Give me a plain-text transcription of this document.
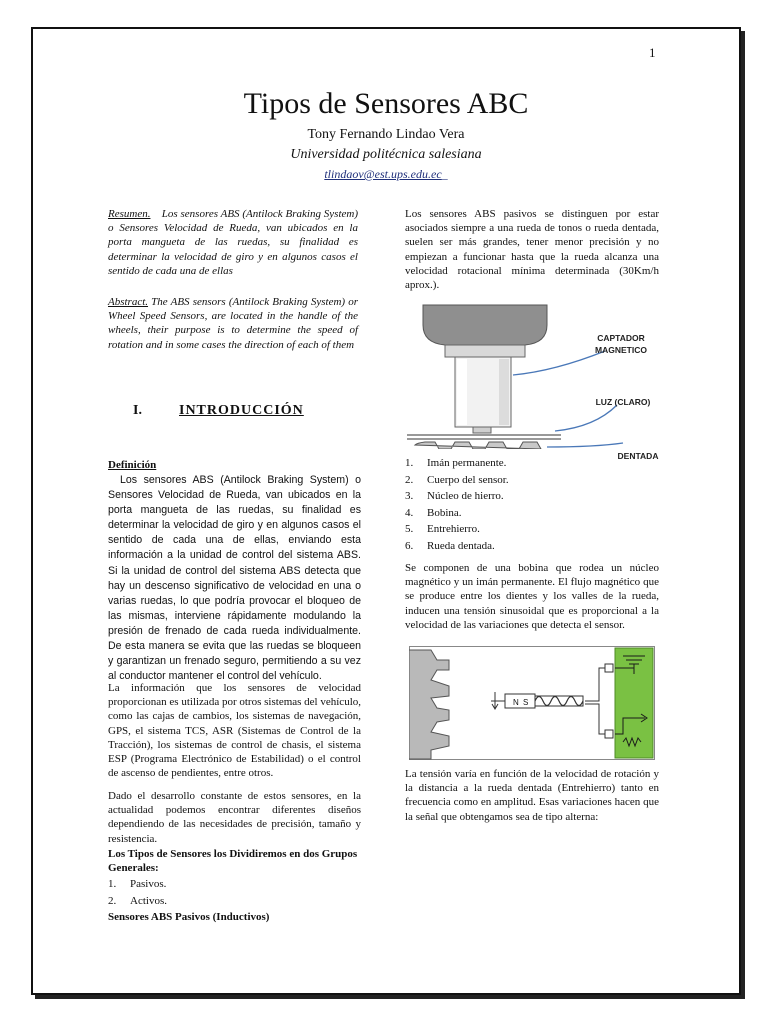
1
Tipos de Sensores ABC
Tony Fernando Lindao Vera
Universidad politécnica salesiana
tlindaov@est.ups.edu.ec_
Resumen. Los sensores ABS (Antilock Braking System) o Sensores Velocidad de Rueda, van ubicados en la porta mangueta de las ruedas, su finalidad es determinar la velocidad de giro y en algunos casos el sentido de cada una de ellas
Abstract. The ABS sensors (Antilock Braking System) or Wheel Speed Sensors, are located in the handle of the wheels, their purpose is to determine the speed of rotation and in some cases the direction of each of them
I.	INTRODUCCIÓN
Definición
Los sensores ABS (Antilock Braking System) o Sensores Velocidad de Rueda, van ubicados en la porta mangueta de las ruedas, su finalidad es determinar la velocidad de giro y en algunos casos el sentido de cada una de ellas, enviando esta información a la unidad de control del sistema ABS. Si la unidad de control del sistema ABS detecta que hay un descenso significativo de velocidad en una o varias ruedas, lo que podría provocar el bloqueo de las mismas, interviene rápidamente modulando la presión de frenado de cada rueda individualmente. De esta manera se evita que las ruedas se bloqueen y garantizan un frenado seguro, permitiendo a su vez al conductor mantener el control del vehículo.
La información que los sensores de velocidad proporcionan es utilizada por otros sistemas del vehículo, como las cajas de cambios, los sistemas de navegación, GPS, el sistema TCS, ASR (Sistemas de Control de la Tracción), los sistemas de control de chasis, el sistema ESP (Programa Electrónico de Estabilidad) o el control de ascenso de pendientes, entre otros.
Dado el desarrollo constante de estos sensores, en la actualidad podemos encontrar diferentes diseños dependiendo de las necesidades de precisión, tamaño y resistencia.
Los Tipos de Sensores los Dividiremos en dos Grupos Generales:
1. Pasivos.
2. Activos.
Sensores ABS Pasivos (Inductivos)
Los sensores ABS pasivos se distinguen por estar asociados siempre a una rueda de tonos o rueda dentada, suelen ser más grandes, tener menor precisión y no empiezan a funcionar hasta que la rueda alcanza una velocidad rotacional mínima determinada (30Km/h aprox.).
CAPTADOR
MAGNETICO
LUZ (CLARO)
DENTADA
1. Imán permanente.
2. Cuerpo del sensor.
3. Núcleo de hierro.
4. Bobina.
5. Entrehierro.
6. Rueda dentada.
Se componen de una bobina que rodea un núcleo magnético y un imán permanente. El flujo magnético que se produce entre los dientes y los valles de la rueda, inducen una tensión sinusoidal que es proporcional a la velocidad de las variaciones que detecta el sensor.
N S
La tensión varía en función de la velocidad de rotación y la distancia a la rueda dentada (Entrehierro) tanto en frecuencia como en amplitud. Esas variaciones hacen que la señal que obtengamos sea de tipo alterna:
